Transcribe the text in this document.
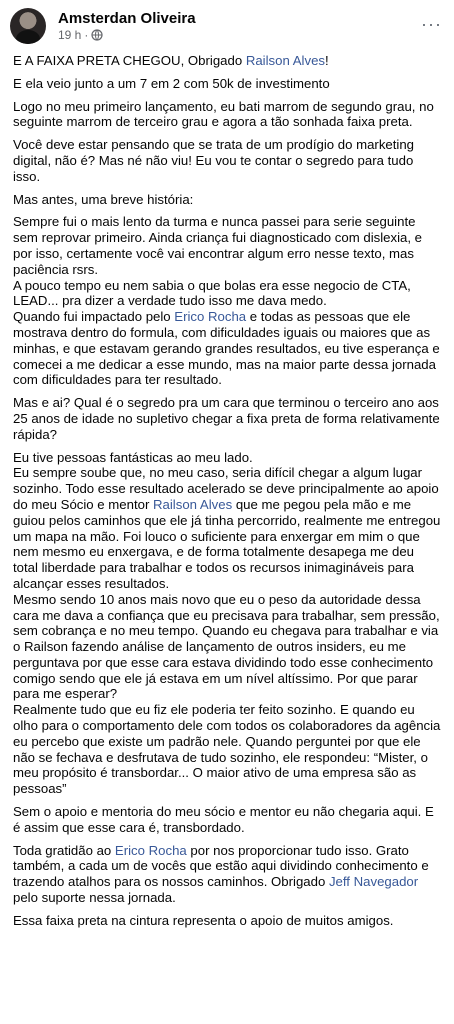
Amsterdan Oliveira
19 h ·
···
E A FAIXA PRETA CHEGOU, Obrigado Railson Alves!
E ela veio junto a um 7 em 2 com 50k de investimento
Logo no meu primeiro lançamento, eu bati marrom de segundo grau, no seguinte marrom de terceiro grau e agora a tão sonhada faixa preta.
Você deve estar pensando que se trata de um prodígio do marketing digital, não é? Mas né não viu! Eu vou te contar o segredo para tudo isso.
Mas antes, uma breve história:
Sempre fui o mais lento da turma e nunca passei para serie seguinte sem reprovar primeiro. Ainda criança fui diagnosticado com dislexia, e por isso, certamente você vai encontrar algum erro nesse texto, mas paciência rsrs.
A pouco tempo eu nem sabia o que bolas era esse negocio de CTA, LEAD... pra dizer a verdade tudo isso me dava medo.
Quando fui impactado pelo Erico Rocha e todas as pessoas que ele mostrava dentro do formula, com dificuldades iguais ou maiores que as minhas, e que estavam gerando grandes resultados, eu tive esperança e comecei a me dedicar a esse mundo, mas na maior parte dessa jornada com dificuldades para ter resultado.
Mas e ai? Qual é o segredo pra um cara que terminou o terceiro ano aos 25 anos de idade no supletivo chegar a fixa preta de forma relativamente rápida?
Eu tive pessoas fantásticas ao meu lado.
Eu sempre soube que, no meu caso, seria difícil chegar a algum lugar sozinho. Todo esse resultado acelerado se deve principalmente ao apoio do meu Sócio e mentor Railson Alves que me pegou pela mão e me guiou pelos caminhos que ele já tinha percorrido, realmente me entregou um mapa na mão. Foi louco o suficiente para enxergar em mim o que nem mesmo eu enxergava, e de forma totalmente desapega me deu total liberdade para trabalhar e todos os recursos inimagináveis para alcançar esses resultados.
Mesmo sendo 10 anos mais novo que eu o peso da autoridade dessa cara me dava a confiança que eu precisava para trabalhar, sem pressão, sem cobrança e no meu tempo. Quando eu chegava para trabalhar e via o Railson fazendo análise de lançamento de outros insiders, eu me perguntava por que esse cara estava dividindo todo esse conhecimento comigo sendo que ele já estava em um nível altíssimo. Por que parar para me esperar?
Realmente tudo que eu fiz ele poderia ter feito sozinho. E quando eu olho para o comportamento dele com todos os colaboradores da agência eu percebo que existe um padrão nele. Quando perguntei por que ele não se fechava e desfrutava de tudo sozinho, ele respondeu: “Mister, o meu propósito é transbordar... O maior ativo de uma empresa são as pessoas”
Sem o apoio e mentoria do meu sócio e mentor eu não chegaria aqui. E é assim que esse cara é, transbordado.
Toda gratidão ao Erico Rocha por nos proporcionar tudo isso. Grato também, a cada um de vocês que estão aqui dividindo conhecimento e trazendo atalhos para os nossos caminhos. Obrigado Jeff Navegador pelo suporte nessa jornada.
Essa faixa preta na cintura representa o apoio de muitos amigos.
